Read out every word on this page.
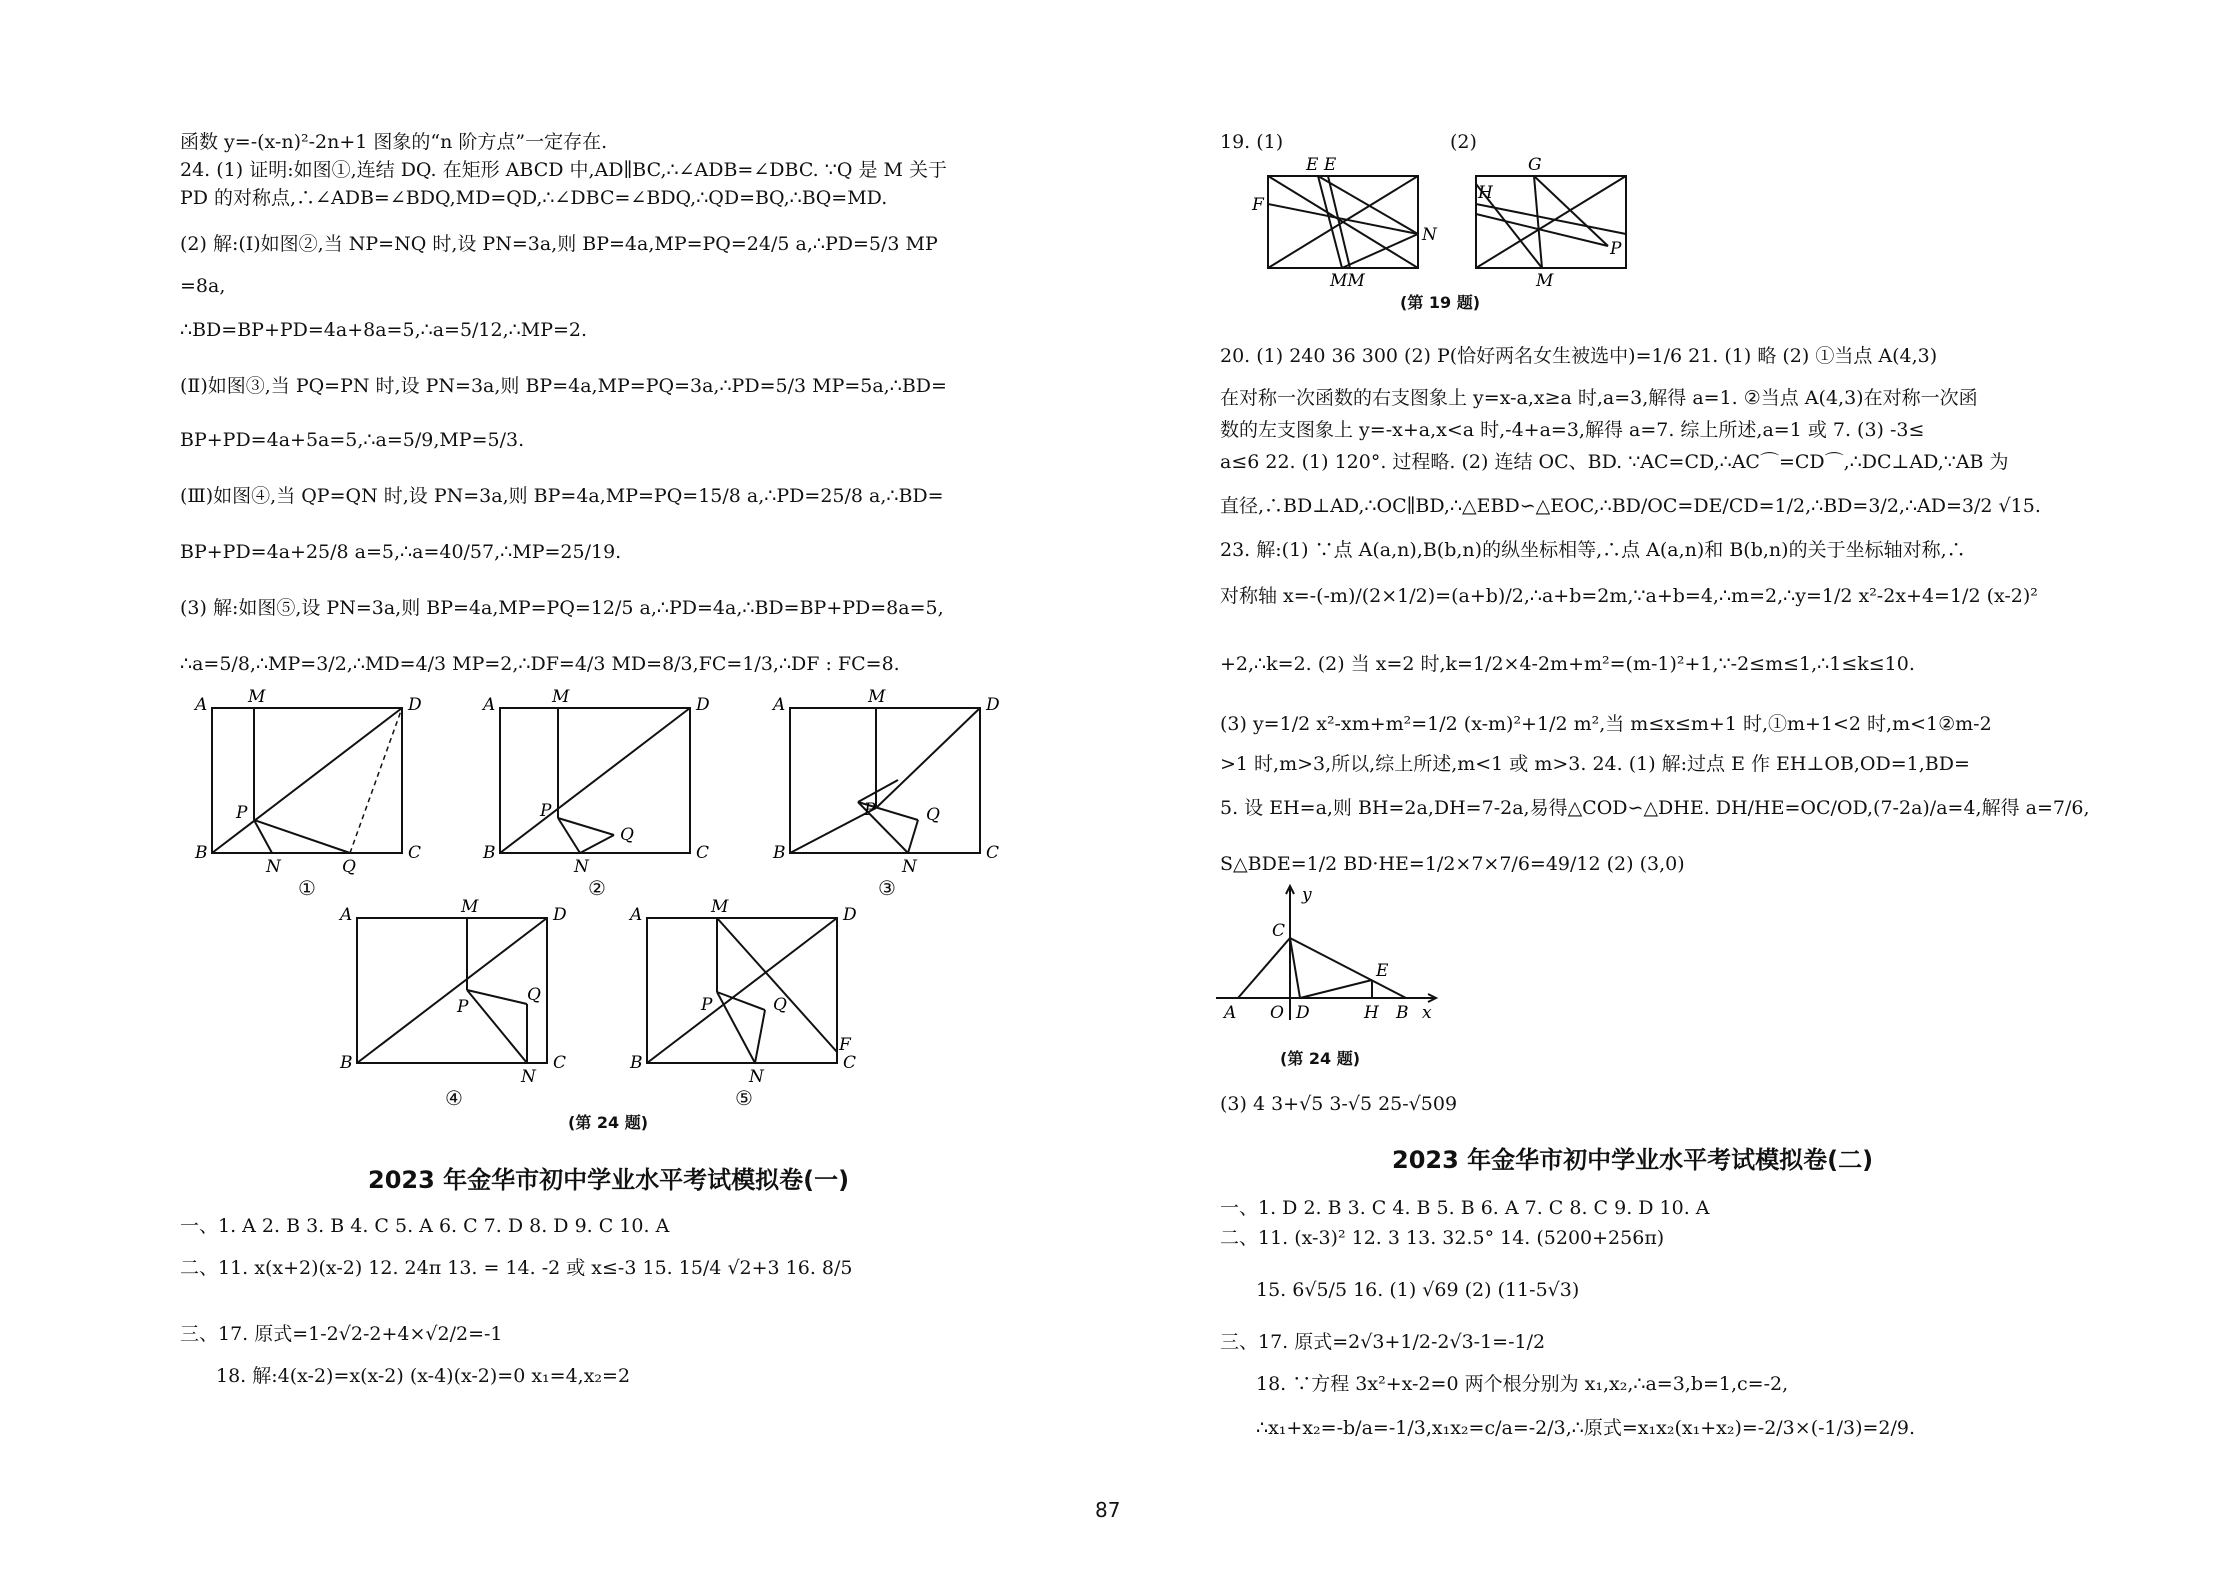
函数 y=-(x-n)²-2n+1 图象的“n 阶方点”一定存在.
24. (1) 证明:如图①,连结 DQ. 在矩形 ABCD 中,AD∥BC,∴∠ADB=∠DBC. ∵Q 是 M 关于
PD 的对称点,∴∠ADB=∠BDQ,MD=QD,∴∠DBC=∠BDQ,∴QD=BQ,∴BQ=MD.
(2) 解:(Ⅰ)如图②,当 NP=NQ 时,设 PN=3a,则 BP=4a,MP=PQ=24/5 a,∴PD=5/3 MP
=8a,
∴BD=BP+PD=4a+8a=5,∴a=5/12,∴MP=2.
(Ⅱ)如图③,当 PQ=PN 时,设 PN=3a,则 BP=4a,MP=PQ=3a,∴PD=5/3 MP=5a,∴BD=
BP+PD=4a+5a=5,∴a=5/9,MP=5/3.
(Ⅲ)如图④,当 QP=QN 时,设 PN=3a,则 BP=4a,MP=PQ=15/8 a,∴PD=25/8 a,∴BD=
BP+PD=4a+25/8 a=5,∴a=40/57,∴MP=25/19.
(3) 解:如图⑤,设 PN=3a,则 BP=4a,MP=PQ=12/5 a,∴PD=4a,∴BD=BP+PD=8a=5,
∴a=5/8,∴MP=3/2,∴MD=4/3 MP=2,∴DF=4/3 MD=8/3,FC=1/3,∴DF : FC=8.
A M	D
P
B
N	Q
C
①
A	M	D
P
Q
B
N
C
②
A	M	D
P	Q
B
N
C
③
A	M	D
P
Q
B
N
C
④
A	M	D
P	Q
F
B
N
C
⑤
(第 24 题)
2023 年金华市初中学业水平考试模拟卷(一)
一、1. A 2. B 3. B 4. C 5. A 6. C 7. D 8. D 9. C 10. A
二、11. x(x+2)(x-2) 12. 24π 13. = 14. -2 或 x≤-3 15. 15/4 √2+3 16. 8/5
三、17. 原式=1-2√2-2+4×√2/2=-1
18. 解:4(x-2)=x(x-2) (x-4)(x-2)=0 x₁=4,x₂=2
19. (1)	(2)
E E
F
N
MM
G
H
P
M
(第 19 题)
20. (1) 240 36 300 (2) P(恰好两名女生被选中)=1/6 21. (1) 略 (2) ①当点 A(4,3)
在对称一次函数的右支图象上 y=x-a,x≥a 时,a=3,解得 a=1. ②当点 A(4,3)在对称一次函
数的左支图象上 y=-x+a,x<a 时,-4+a=3,解得 a=7. 综上所述,a=1 或 7. (3) -3≤
a≤6 22. (1) 120°. 过程略. (2) 连结 OC、BD. ∵AC=CD,∴AC⌒=CD⌒,∴DC⊥AD,∵AB 为
直径,∴BD⊥AD,∴OC∥BD,∴△EBD∽△EOC,∴BD/OC=DE/CD=1/2,∴BD=3/2,∴AD=3/2 √15.
23. 解:(1) ∵点 A(a,n),B(b,n)的纵坐标相等,∴点 A(a,n)和 B(b,n)的关于坐标轴对称,∴
对称轴 x=-(-m)/(2×1/2)=(a+b)/2,∴a+b=2m,∵a+b=4,∴m=2,∴y=1/2 x²-2x+4=1/2 (x-2)²
+2,∴k=2. (2) 当 x=2 时,k=1/2×4-2m+m²=(m-1)²+1,∵-2≤m≤1,∴1≤k≤10.
(3) y=1/2 x²-xm+m²=1/2 (x-m)²+1/2 m²,当 m≤x≤m+1 时,①m+1<2 时,m<1②m-2
>1 时,m>3,所以,综上所述,m<1 或 m>3. 24. (1) 解:过点 E 作 EH⊥OB,OD=1,BD=
5. 设 EH=a,则 BH=2a,DH=7-2a,易得△COD∽△DHE. DH/HE=OC/OD,(7-2a)/a=4,解得 a=7/6,
S△BDE=1/2 BD·HE=1/2×7×7/6=49/12 (2) (3,0)
y
C
E
A O D	H B x
(第 24 题)
(3) 4 3+√5 3-√5 25-√509
2023 年金华市初中学业水平考试模拟卷(二)
一、1. D 2. B 3. C 4. B 5. B 6. A 7. C 8. C 9. D 10. A
二、11. (x-3)² 12. 3 13. 32.5° 14. (5200+256π)
15. 6√5/5 16. (1) √69 (2) (11-5√3)
三、17. 原式=2√3+1/2-2√3-1=-1/2
18. ∵方程 3x²+x-2=0 两个根分别为 x₁,x₂,∴a=3,b=1,c=-2,
∴x₁+x₂=-b/a=-1/3,x₁x₂=c/a=-2/3,∴原式=x₁x₂(x₁+x₂)=-2/3×(-1/3)=2/9.
87
